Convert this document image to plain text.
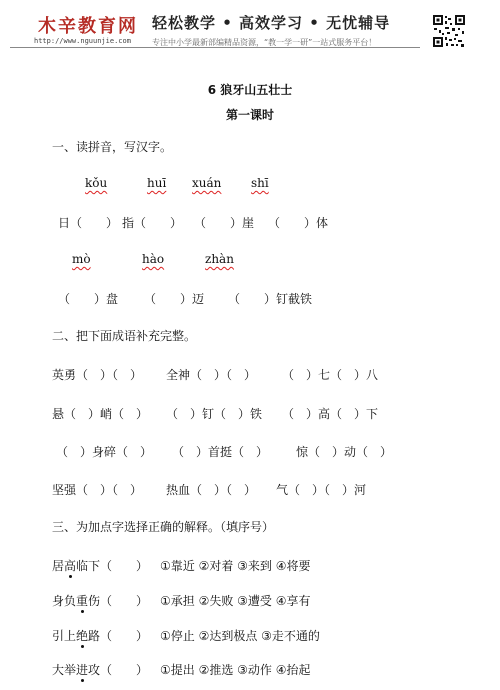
木辛教育网
http://www.nguunjie.com
轻松教学 • 高效学习 • 无忧辅导
专注中小学最新部编精品资源，“教一学一研”一站式服务平台！
6 狼牙山五壮士
第一课时
一、读拼音，写汉字。
kǒu	huī xuán shī
日（　　） 指（　　） （　　）崖 （　　）体
mò	hào	zhàn
（　　）盘 （　　）迈 （　　）钉截铁
二、把下面成语补充完整。
英勇（　）（　） 全神（　）（　） （　）七（　）八
悬（　）峭（　） （　）钉（　）铁 （　）高（　）下
（　）身碎（　） （　）首挺（　） 惊（　）动（　）
坚强（　）（　） 热血（　）（　） 气（　）（　）河
三、为加点字选择正确的解释。（填序号）
居高临下（　　） ①靠近 ②对着 ③来到 ④将要
身负重伤（　　） ①承担 ②失败 ③遭受 ④享有
引上绝路（　　） ①停止 ②达到极点 ③走不通的
大举进攻（　　） ①提出 ②推选 ③动作 ④抬起
